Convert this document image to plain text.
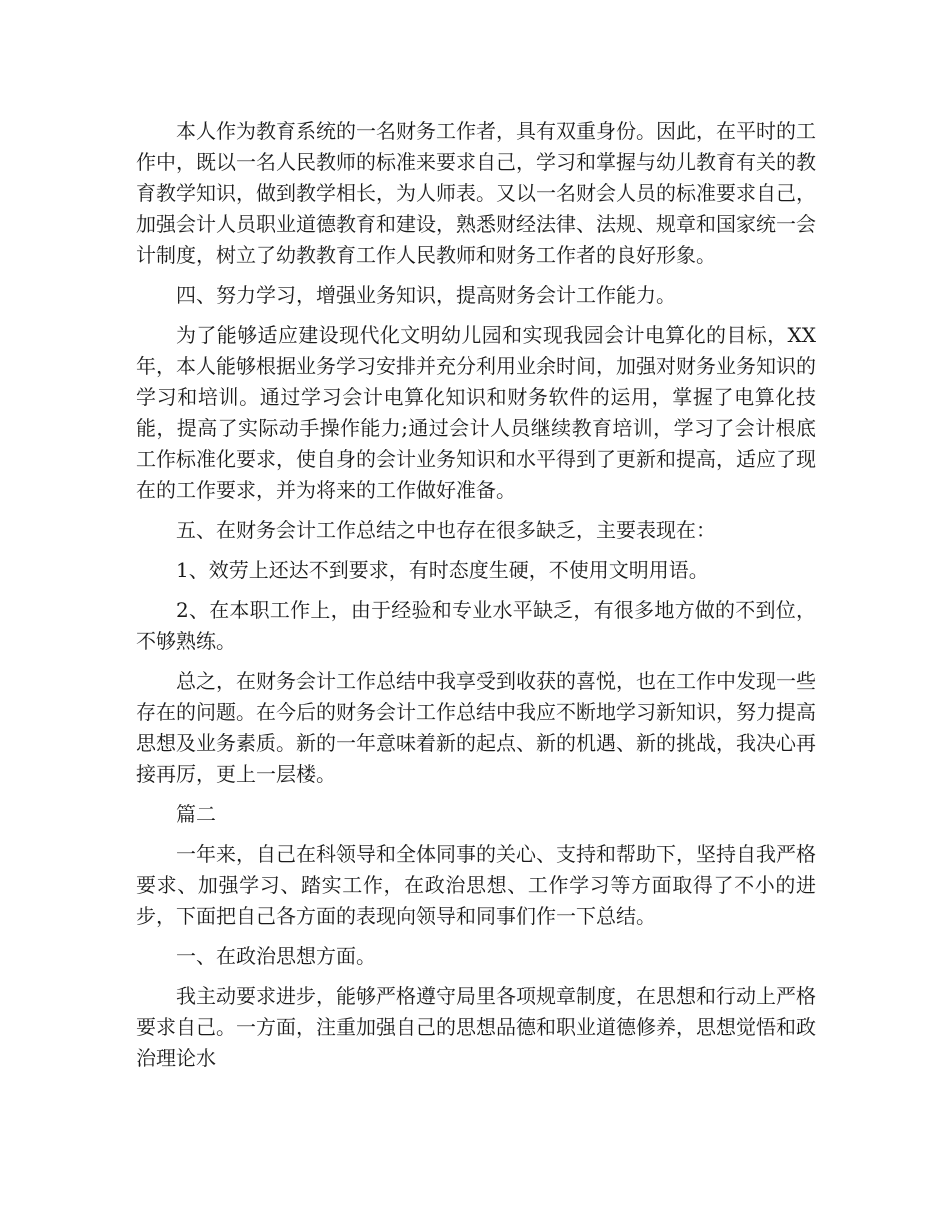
本人作为教育系统的一名财务工作者，具有双重身份。因此，在平时的工作中，既以一名人民教师的标准来要求自己，学习和掌握与幼儿教育有关的教育教学知识，做到教学相长，为人师表。又以一名财会人员的标准要求自己，加强会计人员职业道德教育和建设，熟悉财经法律、法规、规章和国家统一会计制度，树立了幼教教育工作人民教师和财务工作者的良好形象。

四、努力学习，增强业务知识，提高财务会计工作能力。

为了能够适应建设现代化文明幼儿园和实现我园会计电算化的目标，XX年，本人能够根据业务学习安排并充分利用业余时间，加强对财务业务知识的学习和培训。通过学习会计电算化知识和财务软件的运用，掌握了电算化技能，提高了实际动手操作能力;通过会计人员继续教育培训，学习了会计根底工作标准化要求，使自身的会计业务知识和水平得到了更新和提高，适应了现在的工作要求，并为将来的工作做好准备。

五、在财务会计工作总结之中也存在很多缺乏，主要表现在：

1、效劳上还达不到要求，有时态度生硬，不使用文明用语。

2、在本职工作上，由于经验和专业水平缺乏，有很多地方做的不到位，不够熟练。

总之，在财务会计工作总结中我享受到收获的喜悦，也在工作中发现一些存在的问题。在今后的财务会计工作总结中我应不断地学习新知识，努力提高思想及业务素质。新的一年意味着新的起点、新的机遇、新的挑战，我决心再接再厉，更上一层楼。

篇二

一年来，自己在科领导和全体同事的关心、支持和帮助下，坚持自我严格要求、加强学习、踏实工作，在政治思想、工作学习等方面取得了不小的进步，下面把自己各方面的表现向领导和同事们作一下总结。

一、在政治思想方面。

我主动要求进步，能够严格遵守局里各项规章制度，在思想和行动上严格要求自己。一方面，注重加强自己的思想品德和职业道德修养，思想觉悟和政治理论水
